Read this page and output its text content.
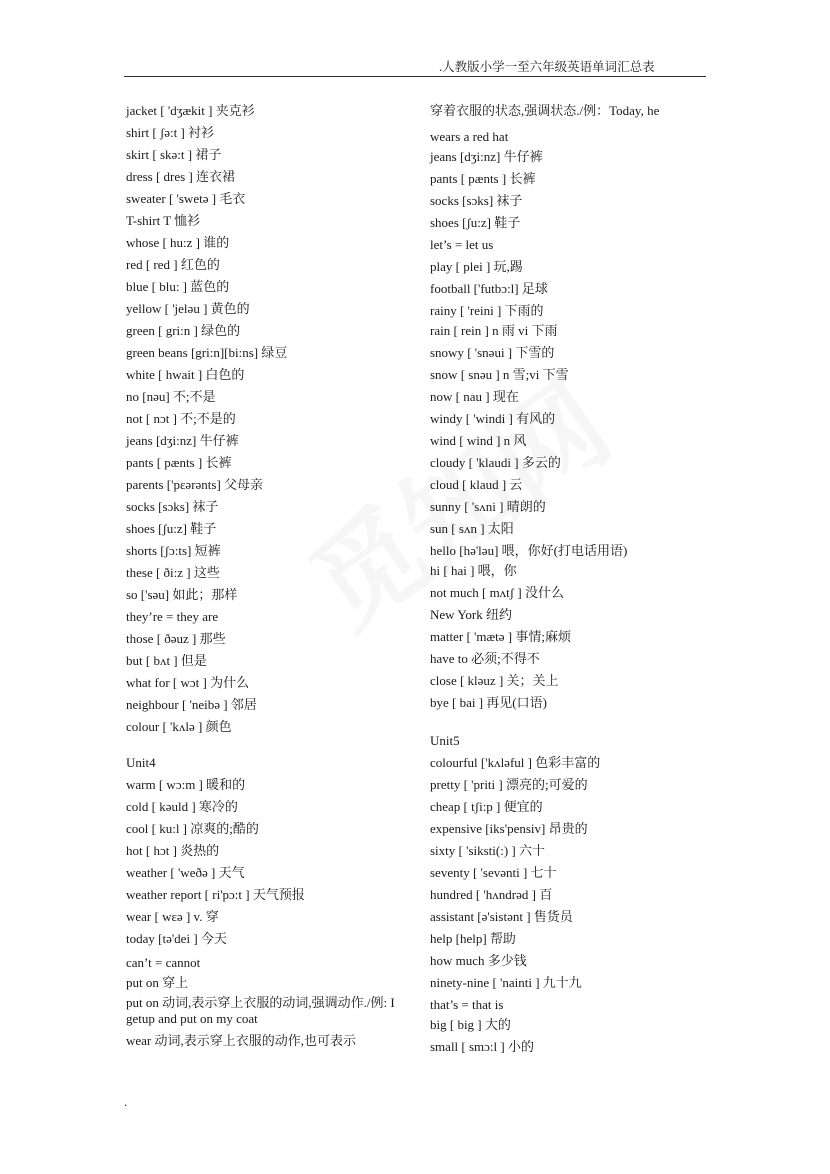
.人教版小学一至六年级英语单词汇总表
jacket [ 'dʒækit ] 夹克衫
shirt [ ʃə:t ] 衬衫
skirt [ skə:t ] 裙子
dress [ dres ] 连衣裙
sweater [ 'swetə ] 毛衣
T-shirt T 恤衫
whose [ hu:z ] 谁的
red [ red ] 红色的
blue [ blu: ] 蓝色的
yellow [ 'jeləu ] 黄色的
green [ gri:n ] 绿色的
green beans [gri:n][bi:ns] 绿豆
white [ hwait ] 白色的
no [nəu] 不;不是
not [ nɔt ] 不;不是的
jeans [dʒi:nz] 牛仔裤
pants [ pænts ] 长裤
parents ['pεərənts] 父母亲
socks [sɔks] 袜子
shoes [ʃu:z] 鞋子
shorts [ʃɔ:ts] 短裤
these [ ði:z ] 这些
so ['səu] 如此；那样
they’re = they are
those [ ðəuz ] 那些
but [ bʌt ] 但是
what for [ wɔt ] 为什么
neighbour [ 'neibə ] 邻居
colour [ 'kʌlə ] 颜色
Unit4
warm [ wɔ:m ] 暖和的
cold [ kəuld ] 寒冷的
cool [ ku:l ] 凉爽的;酷的
hot [ hɔt ] 炎热的
weather [ 'weðə ] 天气
weather report [ ri'pɔ:t ] 天气预报
wear [ wεə ] v. 穿
today [tə'dei ] 今天
can’t = cannot
put on 穿上
put on 动词,表示穿上衣服的动词,强调动作./例: I getup and put on my coat
wear 动词,表示穿上衣服的动作,也可表示
穿着衣服的状态,强调状态./例：Today, he
wears a red hat
jeans [dʒi:nz] 牛仔裤
pants [ pænts ] 长裤
socks [sɔks] 袜子
shoes [ʃu:z] 鞋子
let’s = let us
play [ plei ] 玩,踢
football ['futbɔ:l] 足球
rainy [ 'reini ] 下雨的
rain [ rein ] n 雨 vi 下雨
snowy [ 'snəui ] 下雪的
snow [ snəu ] n 雪;vi 下雪
now [ nau ] 现在
windy [ 'windi ] 有风的
wind [ wind ] n 风
cloudy [ 'klaudi ] 多云的
cloud [ klaud ] 云
sunny [ 'sʌni ] 晴朗的
sun [ sʌn ] 太阳
hello [hə'ləu] 喂，你好(打电话用语)
hi [ hai ] 喂，你
not much [ mʌtʃ ] 没什么
New York 纽约
matter [ 'mætə ] 事情;麻烦
have to 必须;不得不
close [ kləuz ] 关；关上
bye [ bai ] 再见(口语)
Unit5
colourful ['kʌləful ] 色彩丰富的
pretty [ 'priti ] 漂亮的;可爱的
cheap [ tʃi:p ] 便宜的
expensive [iks'pensiv] 昂贵的
sixty [ 'siksti(:) ] 六十
seventy [ 'sevənti ] 七十
hundred [ 'hʌndrəd ] 百
assistant [ə'sistənt ] 售货员
help [help] 帮助
how much 多少钱
ninety-nine [ 'nainti ] 九十九
that’s = that is
big [ big ] 大的
small [ smɔ:l ] 小的
.
